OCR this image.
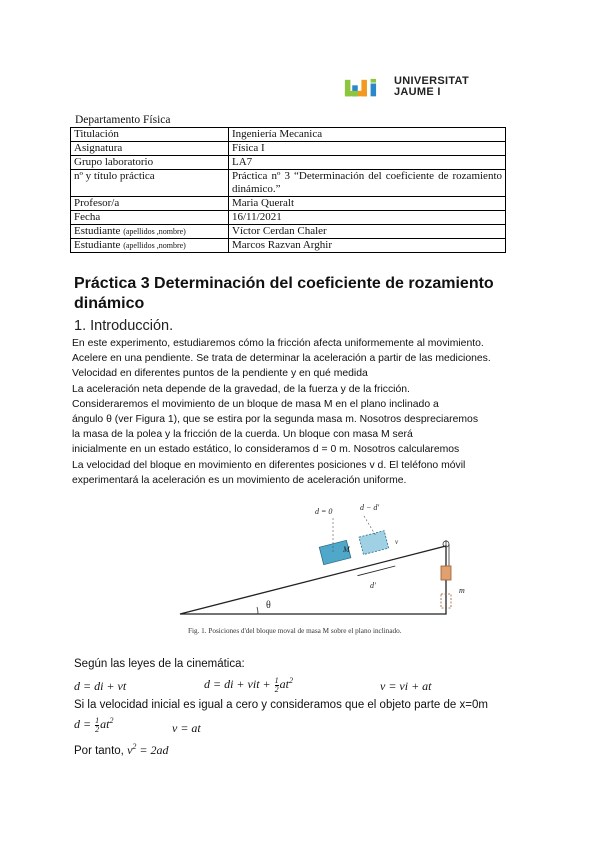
UNIVERSITAT
JAUME I
Departamento Física
Titulación	Ingeniería Mecanica
Asignatura	Física I
Grupo laboratorio	LA7
nº y título práctica	Práctica nº 3 “Determinación del coeficiente de rozamiento dinámico.”
Profesor/a	Maria Queralt
Fecha	16/11/2021
Estudiante (apellidos ,nombre)	Víctor Cerdan Chaler
Estudiante (apellidos ,nombre)	Marcos Razvan Arghir
Práctica 3 Determinación del coeficiente de rozamiento dinámico
1. Introducción.
En este experimento, estudiaremos cómo la fricción afecta uniformemente al movimiento.
Acelere en una pendiente. Se trata de determinar la aceleración a partir de las mediciones.
Velocidad en diferentes puntos de la pendiente y en qué medida
La aceleración neta depende de la gravedad, de la fuerza y de la fricción.
Consideraremos el movimiento de un bloque de masa M en el plano inclinado a
ángulo θ (ver Figura 1), que se estira por la segunda masa m. Nosotros despreciaremos
la masa de la polea y la fricción de la cuerda. Un bloque con masa M será
inicialmente en un estado estático, lo consideramos d = 0 m. Nosotros calcularemos
La velocidad del bloque en movimiento en diferentes posiciones v d. El teléfono móvil
experimentará la aceleración es un movimiento de aceleración uniforme.
m
θ
d = 0	d − d′
M
v
d′
Fig. 1. Posiciones d'del bloque moval de masa M sobre el plano inclinado.
Según las leyes de la cinemática:
d = di + vt	d = di + vit + $\frac{1}{2} at^2$	v = vi + at
Si la velocidad inicial es igual a cero y consideramos que el objeto parte de x=0m
$d = \frac{1}{2} at^2$
v = at
Por tanto, $v^2 = 2ad$
